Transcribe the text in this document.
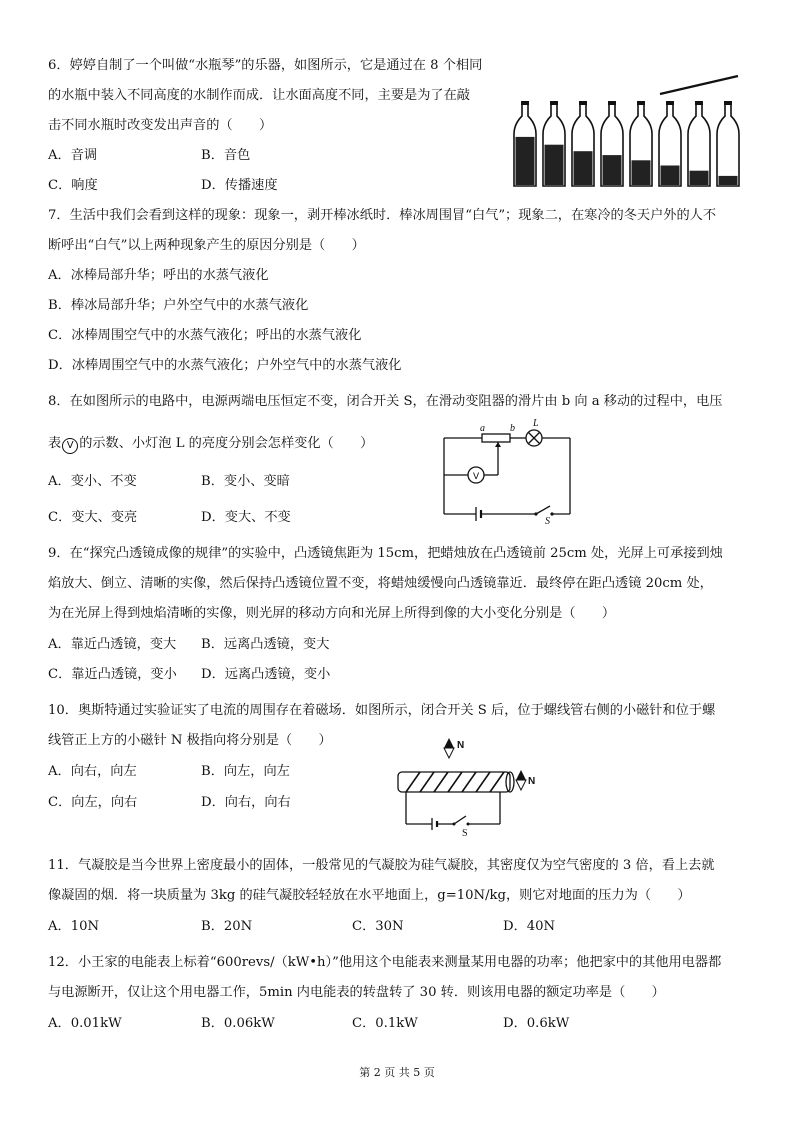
6．婷婷自制了一个叫做“水瓶琴”的乐器，如图所示，它是通过在 8 个相同
的水瓶中装入不同高度的水制作而成．让水面高度不同，主要是为了在敲
击不同水瓶时改变发出声音的（　　）
A．音调	B．音色
C．响度	D．传播速度
7．生活中我们会看到这样的现象：现象一，剥开棒冰纸时．棒冰周围冒“白气”；现象二，在寒冷的冬天户外的人不
断呼出“白气”以上两种现象产生的原因分别是（　　）
A．冰棒局部升华；呼出的水蒸气液化
B．棒冰局部升华；户外空气中的水蒸气液化
C．冰棒周围空气中的水蒸气液化；呼出的水蒸气液化
D．冰棒周围空气中的水蒸气液化；户外空气中的水蒸气液化
8．在如图所示的电路中，电源两端电压恒定不变，闭合开关 S，在滑动变阻器的滑片由 b 向 a 移动的过程中，电压
表 V 的示数、小灯泡 L 的亮度分别会怎样变化（　　）
A．变小、不变	B．变小、变暗
C．变大、变亮	D．变大、不变
a	b L
S
V
9．在“探究凸透镜成像的规律”的实验中，凸透镜焦距为 15cm，把蜡烛放在凸透镜前 25cm 处，光屏上可承接到烛
焰放大、倒立、清晰的实像，然后保持凸透镜位置不变，将蜡烛缓慢向凸透镜靠近．最终停在距凸透镜 20cm 处，
为在光屏上得到烛焰清晰的实像，则光屏的移动方向和光屏上所得到像的大小变化分别是（　　）
A．靠近凸透镜，变大 B．远离凸透镜，变大
C．靠近凸透镜，变小 D．远离凸透镜，变小
10．奥斯特通过实验证实了电流的周围存在着磁场．如图所示，闭合开关 S 后，位于螺线管右侧的小磁针和位于螺
线管正上方的小磁针 N 极指向将分别是（　　）
A．向右，向左	B．向左，向左
C．向左，向右	D．向右，向右
N
N
S
11．气凝胶是当今世界上密度最小的固体，一般常见的气凝胶为硅气凝胶，其密度仅为空气密度的 3 倍，看上去就
像凝固的烟．将一块质量为 3kg 的硅气凝胶轻轻放在水平地面上，g=10N/kg，则它对地面的压力为（　　）
A．10N	B．20N	C．30N	D．40N
12．小王家的电能表上标着“600revs/（kW•h）”他用这个电能表来测量某用电器的功率；他把家中的其他用电器都
与电源断开，仅让这个用电器工作，5min 内电能表的转盘转了 30 转．则该用电器的额定功率是（　　）
A．0.01kW	B．0.06kW	C．0.1kW	D．0.6kW
第 2 页 共 5 页
